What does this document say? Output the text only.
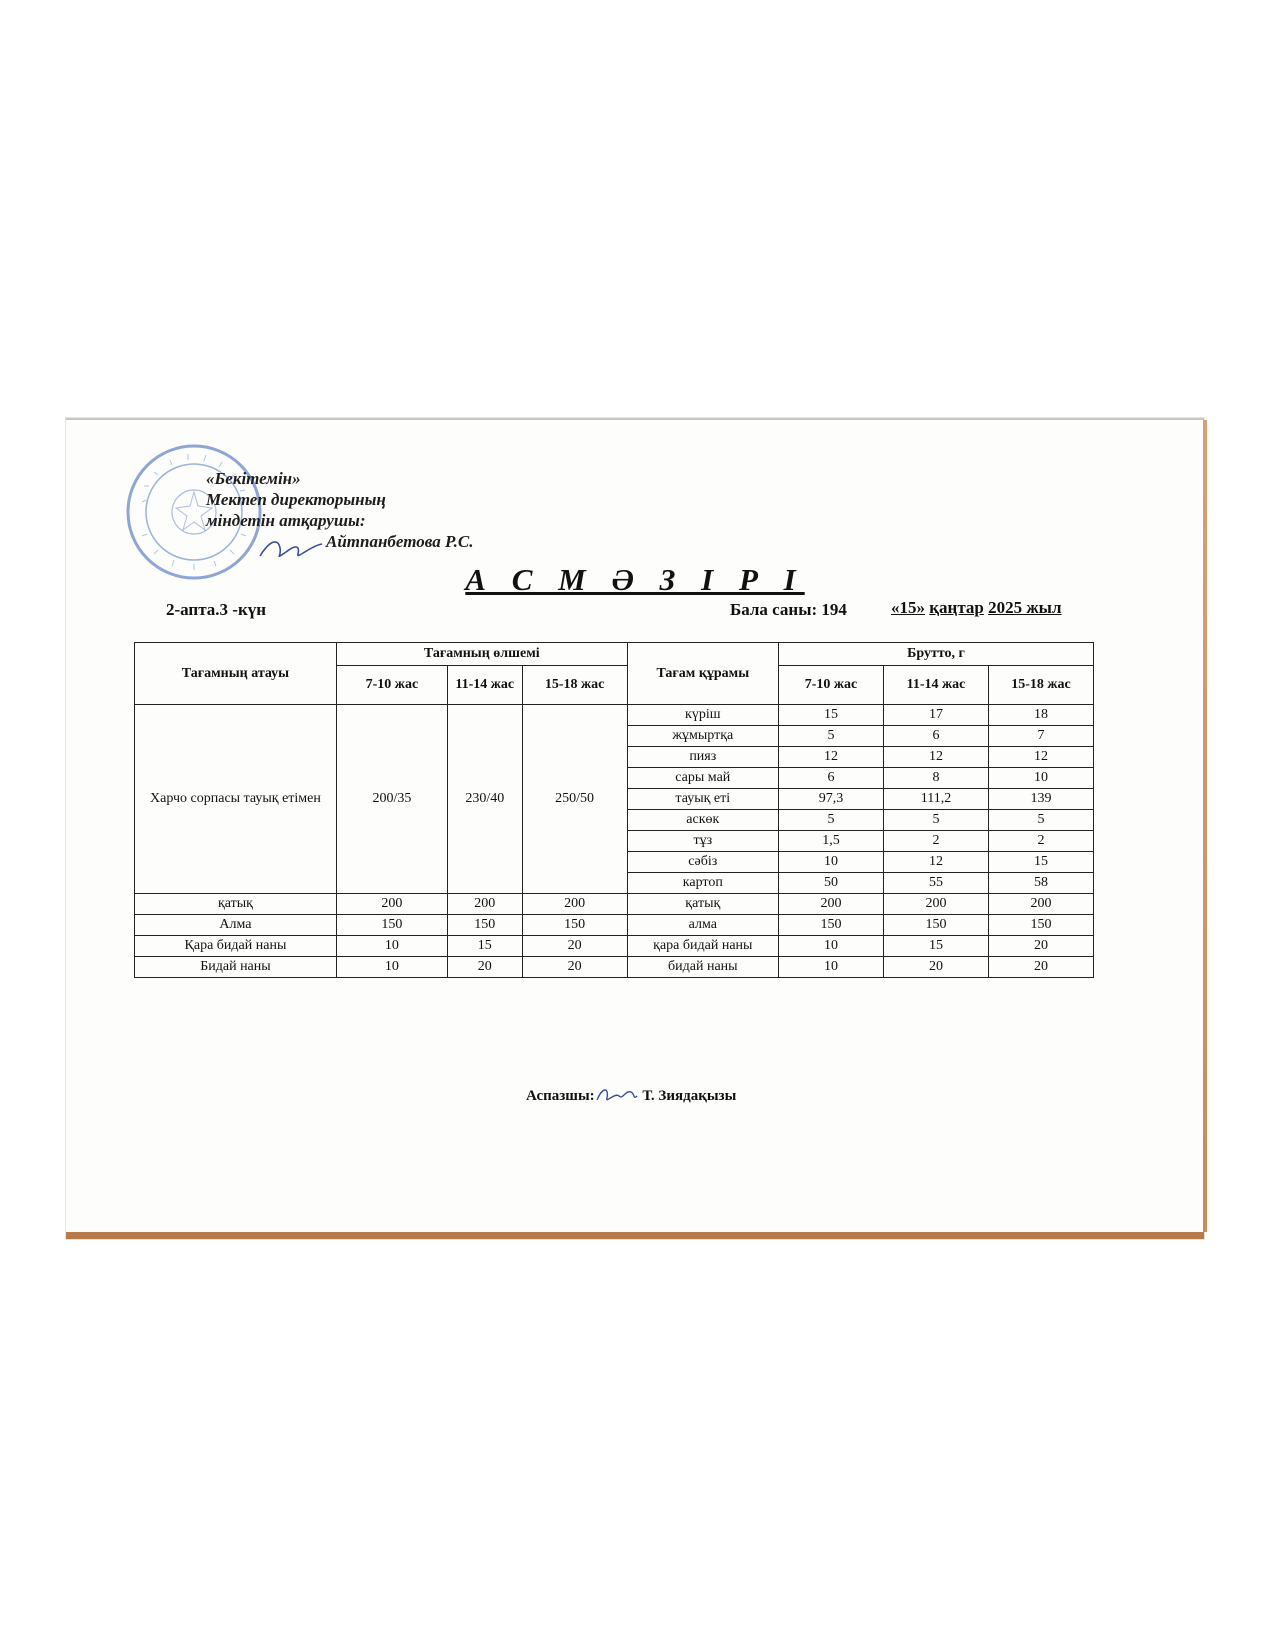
«Бекітемін»
Мектеп директорының
міндетін атқарушы:
Айтпанбетова Р.С.
А С М Ә З І Р І
2-апта.3 -күн	Бала саны: 194	«15» қаңтар 2025 жыл
Тағамның атауы	Тағамның өлшемі			Тағам құрамы	Брутто, г		
	7-10 жас	11-14 жас	15-18 жас		7-10 жас	11-14 жас	15-18 жас
Харчо сорпасы тауық етімен	200/35	230/40	250/50	күріш	15	17	18
				жұмыртқа	5	6	7
				пияз	12	12	12
				сары май	6	8	10
				тауық еті	97,3	111,2	139
				аскөк	5	5	5
				тұз	1,5	2	2
				сәбіз	10	12	15
				картоп	50	55	58
қатық	200	200	200	қатық	200	200	200
Алма	150	150	150	алма	150	150	150
Қара бидай наны	10	15	20	қара бидай наны	10	15	20
Бидай наны	10	20	20	бидай наны	10	20	20
Аспазшы:	Т. Зиядақызы
